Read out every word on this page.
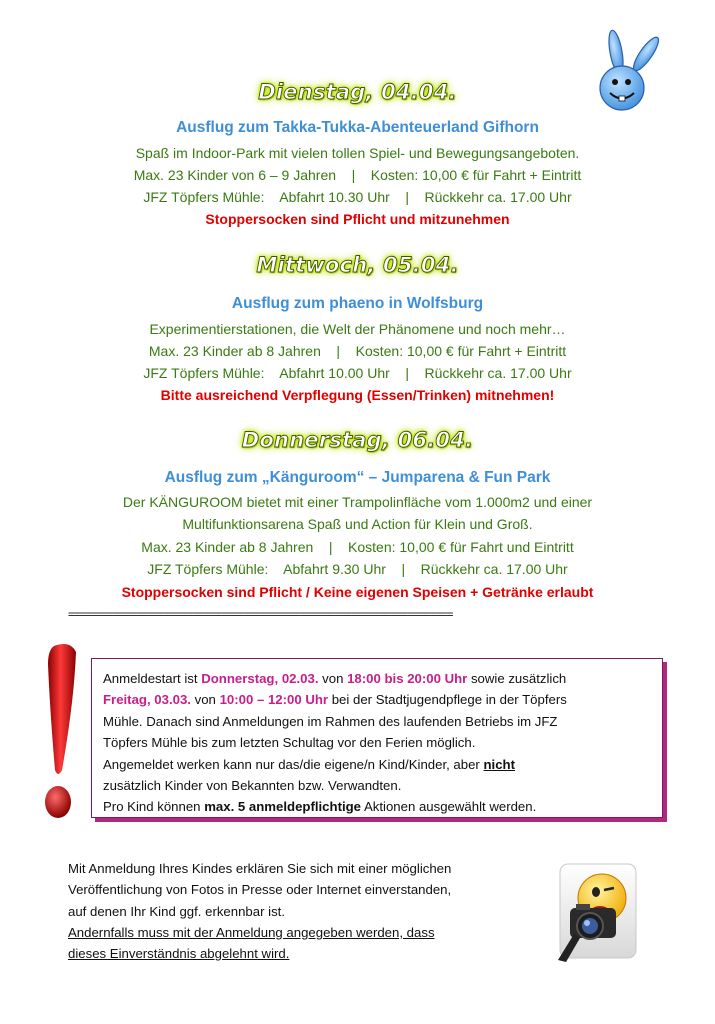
Dienstag, 04.04.
Ausflug zum Takka-Tukka-Abenteuerland Gifhorn
Spaß im Indoor-Park mit vielen tollen Spiel- und Bewegungsangeboten.
Max. 23 Kinder von 6 – 9 Jahren    |    Kosten: 10,00 € für Fahrt + Eintritt
JFZ Töpfers Mühle:    Abfahrt 10.30 Uhr    |    Rückkehr ca. 17.00 Uhr
Stoppersocken sind Pflicht und mitzunehmen
Mittwoch, 05.04.
Ausflug zum phaeno in Wolfsburg
Experimentierstationen, die Welt der Phänomene und noch mehr…
Max. 23 Kinder ab 8 Jahren    |    Kosten: 10,00 € für Fahrt + Eintritt
JFZ Töpfers Mühle:    Abfahrt 10.00 Uhr    |    Rückkehr ca. 17.00 Uhr
Bitte ausreichend Verpflegung (Essen/Trinken) mitnehmen!
Donnerstag, 06.04.
Ausflug zum „Känguroom“ – Jumparena & Fun Park
Der KÄNGUROOM bietet mit einer Trampolinfläche vom 1.000m2 und einer
Multifunktionsarena Spaß und Action für Klein und Groß.
Max. 23 Kinder ab 8 Jahren    |    Kosten: 10,00 € für Fahrt und Eintritt
JFZ Töpfers Mühle:    Abfahrt 9.30 Uhr    |    Rückkehr ca. 17.00 Uhr
Stoppersocken sind Pflicht / Keine eigenen Speisen + Getränke erlaubt
====================================================================

Anmeldestart ist Donnerstag, 02.03. von 18:00 bis 20:00 Uhr sowie zusätzlich

Freitag, 03.03. von 10:00 – 12:00 Uhr bei der Stadtjugendpflege in der Töpfers

Mühle. Danach sind Anmeldungen im Rahmen des laufenden Betriebs im JFZ

Töpfers Mühle bis zum letzten Schultag vor den Ferien möglich.

Angemeldet werken kann nur das/die eigene/n Kind/Kinder, aber nicht

zusätzlich Kinder von Bekannten bzw. Verwandten.

Pro Kind können max. 5 anmeldepflichtige Aktionen ausgewählt werden.

Mit Anmeldung Ihres Kindes erklären Sie sich mit einer möglichen

Veröffentlichung von Fotos in Presse oder Internet einverstanden,

auf denen Ihr Kind ggf. erkennbar ist.

Andernfalls muss mit der Anmeldung angegeben werden, dass

dieses Einverständnis abgelehnt wird.
